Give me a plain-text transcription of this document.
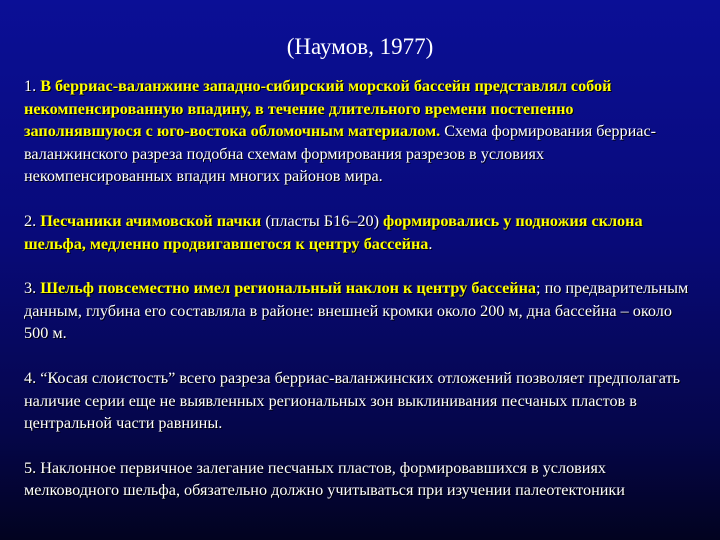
(Наумов, 1977)

1. В берриас-валанжине западно-сибирский морской бассейн представлял собой некомпенсированную впадину, в течение длительного времени постепенно заполнявшуюся с юго-востока обломочным материалом. Схема формирования берриас-валанжинского разреза подобна схемам формирования разрезов в условиях некомпенсированных впадин многих районов мира.

2. Песчаники ачимовской пачки (пласты Б16–20) формировались у подножия склона шельфа, медленно продвигавшегося к центру бассейна.

3. Шельф повсеместно имел региональный наклон к центру бассейна; по предварительным данным, глубина его составляла в районе: внешней кромки около 200 м, дна бассейна – около 500 м.

4. “Косая слоистость” всего разреза берриас-валанжинских отложений позволяет предполагать наличие серии еще не выявленных региональных зон выклинивания песчаных пластов в центральной части равнины.

5. Наклонное первичное залегание песчаных пластов, формировавшихся в условиях мелководного шельфа, обязательно должно учитываться при изучении палеотектоники
